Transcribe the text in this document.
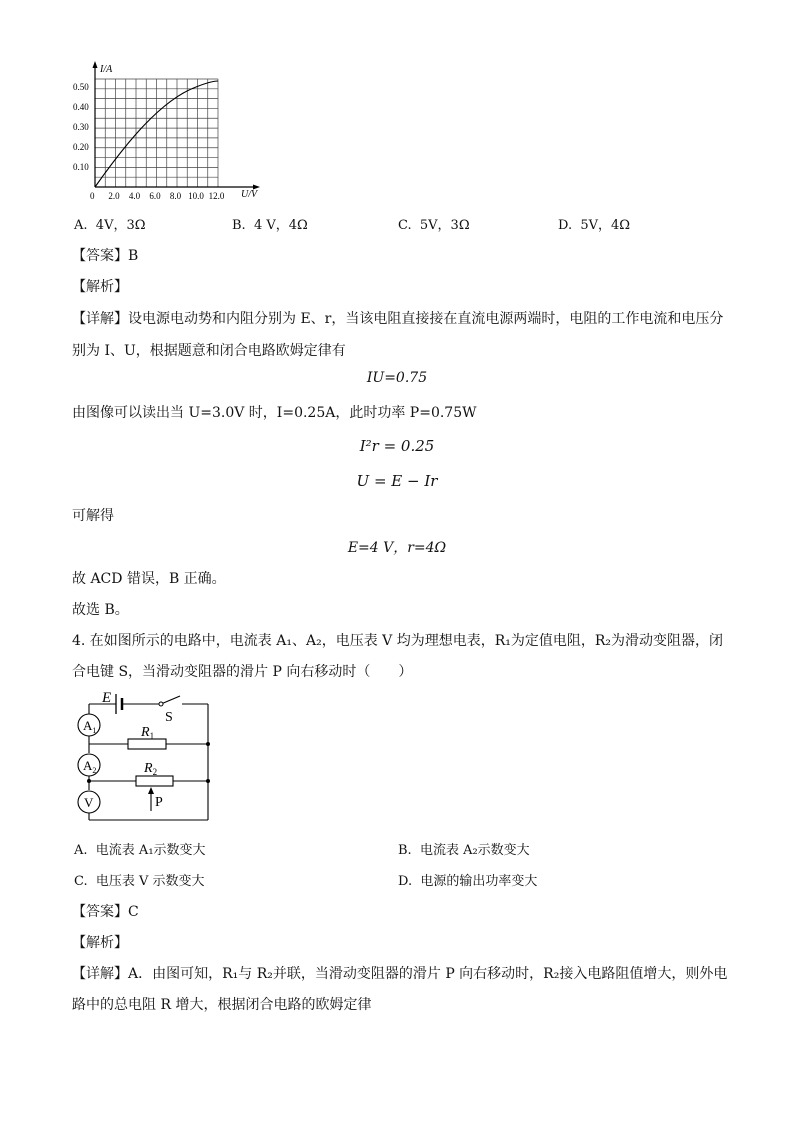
I/A
U/V
0
0.50
0.40
0.30
0.20
0.10
2.0 4.0 6.0 8.0 10.0 12.0
A. 4V，3Ω	B. 4 V，4Ω	C. 5V，3Ω	D. 5V，4Ω
【答案】B
【解析】
【详解】设电源电动势和内阻分别为 E、r，当该电阻直接接在直流电源两端时，电阻的工作电流和电压分
别为 I、U，根据题意和闭合电路欧姆定律有
IU=0.75
由图像可以读出当 U=3.0V 时，I=0.25A，此时功率 P=0.75W
I²r = 0.25
U = E − Ir
可解得
E=4 V，r=4Ω
故 ACD 错误，B 正确。
故选 B。
4. 在如图所示的电路中，电流表 A₁、A₂，电压表 V 均为理想电表，R₁为定值电阻，R₂为滑动变阻器，闭
合电键 S，当滑动变阻器的滑片 P 向右移动时（　　）
E
S
$A_1$
$A_2$
V
$R_1$
$R_2$
P
A. 电流表 A₁示数变大	B. 电流表 A₂示数变大
C. 电压表 V 示数变大	D. 电源的输出功率变大
【答案】C
【解析】
【详解】A．由图可知，R₁与 R₂并联，当滑动变阻器的滑片 P 向右移动时，R₂接入电路阻值增大，则外电
路中的总电阻 R 增大，根据闭合电路的欧姆定律
